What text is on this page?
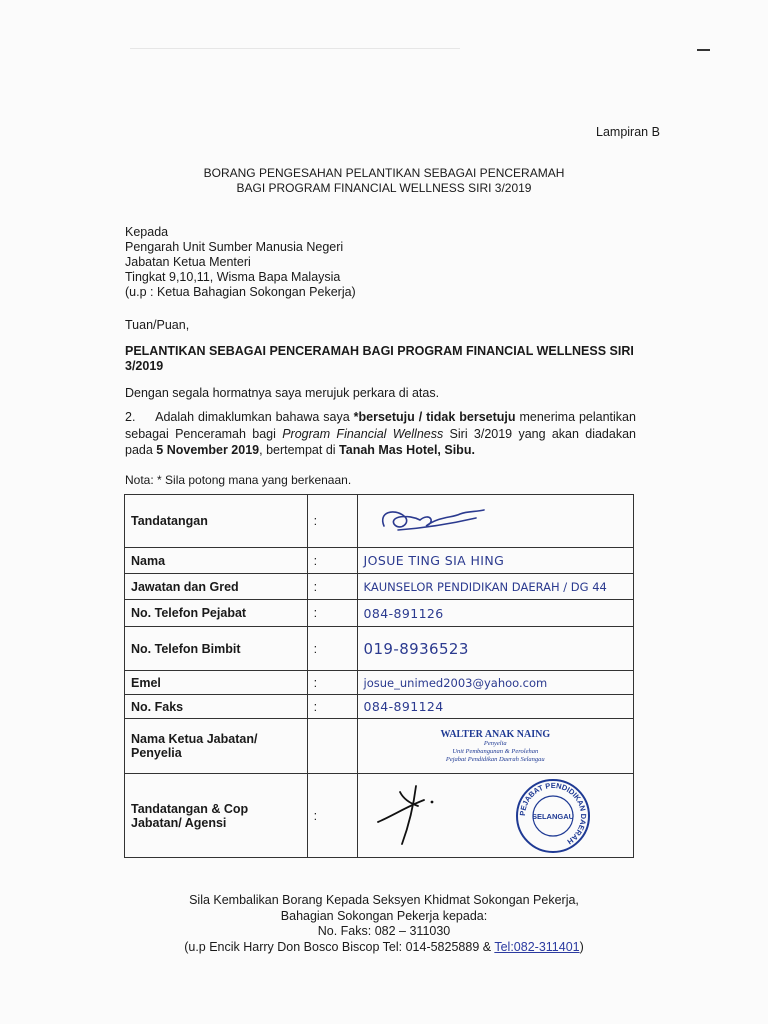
Lampiran B
BORANG PENGESAHAN PELANTIKAN SEBAGAI PENCERAMAH
BAGI PROGRAM FINANCIAL WELLNESS SIRI 3/2019
Kepada
Pengarah Unit Sumber Manusia Negeri
Jabatan Ketua Menteri
Tingkat 9,10,11, Wisma Bapa Malaysia
(u.p : Ketua Bahagian Sokongan Pekerja)
Tuan/Puan,
PELANTIKAN SEBAGAI PENCERAMAH BAGI PROGRAM FINANCIAL WELLNESS SIRI 3/2019
Dengan segala hormatnya saya merujuk perkara di atas.
2. Adalah dimaklumkan bahawa saya *bersetuju / tidak bersetuju menerima pelantikan sebagai Penceramah bagi Program Financial Wellness Siri 3/2019 yang akan diadakan pada 5 November 2019, bertempat di Tanah Mas Hotel, Sibu.
Nota: * Sila potong mana yang berkenaan.
Tandatangan	:	
Nama	:	JOSUE TING SIA HING
Jawatan dan Gred	:	KAUNSELOR PENDIDIKAN DAERAH / DG 44
No. Telefon Pejabat	:	084-891126
No. Telefon Bimbit	:	019-8936523
Emel	:	josue_unimed2003@yahoo.com
No. Faks	:	084-891124
Nama Ketua Jabatan/ Penyelia		WALTER ANAK NAING
Penyelia
Unit Pembangunan & Perolehan
Pejabat Pendidikan Daerah Selangau

Tandatangan & Cop Jabatan/ Agensi	:	PEJABAT PENDIDIKAN DAERAH
SELANGAU
Sila Kembalikan Borang Kepada Seksyen Khidmat Sokongan Pekerja,
Bahagian Sokongan Pekerja kepada:
No. Faks: 082 – 311030
(u.p Encik Harry Don Bosco Biscop Tel: 014-5825889 & Tel:082-311401)
